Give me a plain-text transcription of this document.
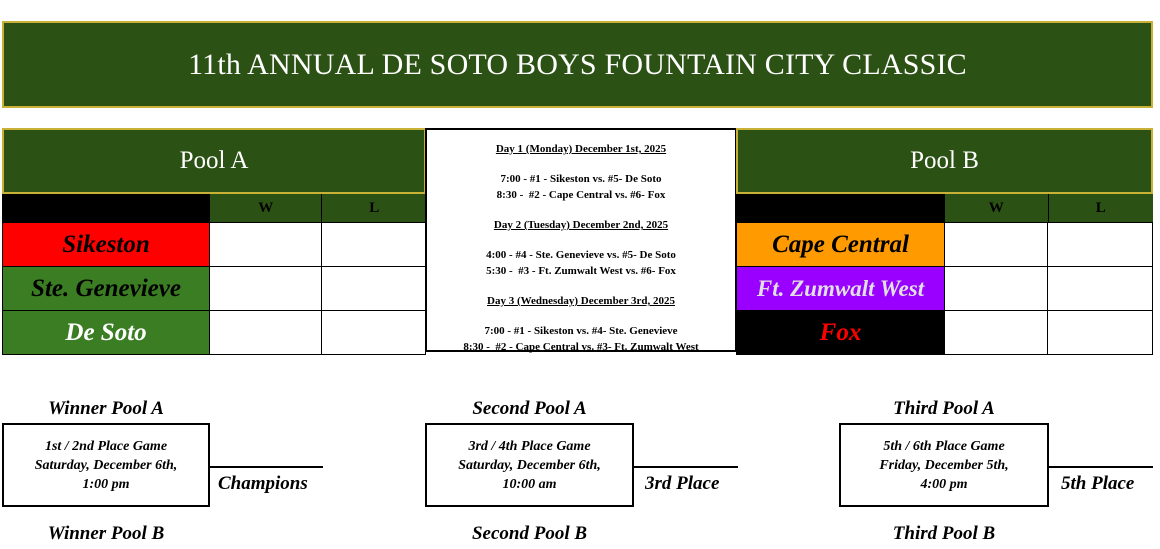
11th ANNUAL DE SOTO BOYS FOUNTAIN CITY CLASSIC
Pool A
W	L
Sikeston
Ste. Genevieve
De Soto
Day 1 (Monday) December 1st, 2025
7:00 - #1 - Sikeston vs. #5- De Soto
8:30 -  #2 - Cape Central vs. #6- Fox
Day 2 (Tuesday) December 2nd, 2025
4:00 - #4 - Ste. Genevieve vs. #5- De Soto
5:30 -  #3 - Ft. Zumwalt West vs. #6- Fox
Day 3 (Wednesday) December 3rd, 2025
7:00 - #1 - Sikeston vs. #4- Ste. Genevieve
8:30 -  #2 - Cape Central vs. #3- Ft. Zumwalt West
Pool B
W	L
Cape Central
Ft. Zumwalt West
Fox
Winner Pool A
1st / 2nd Place Game
Saturday, December 6th,
1:00 pm	Champions
Winner Pool B
Second Pool A
3rd / 4th Place Game
Saturday, December 6th,
10:00 am	3rd Place
Second Pool B
Third Pool A
5th / 6th Place Game
Friday, December 5th,
4:00 pm	5th Place
Third Pool B
